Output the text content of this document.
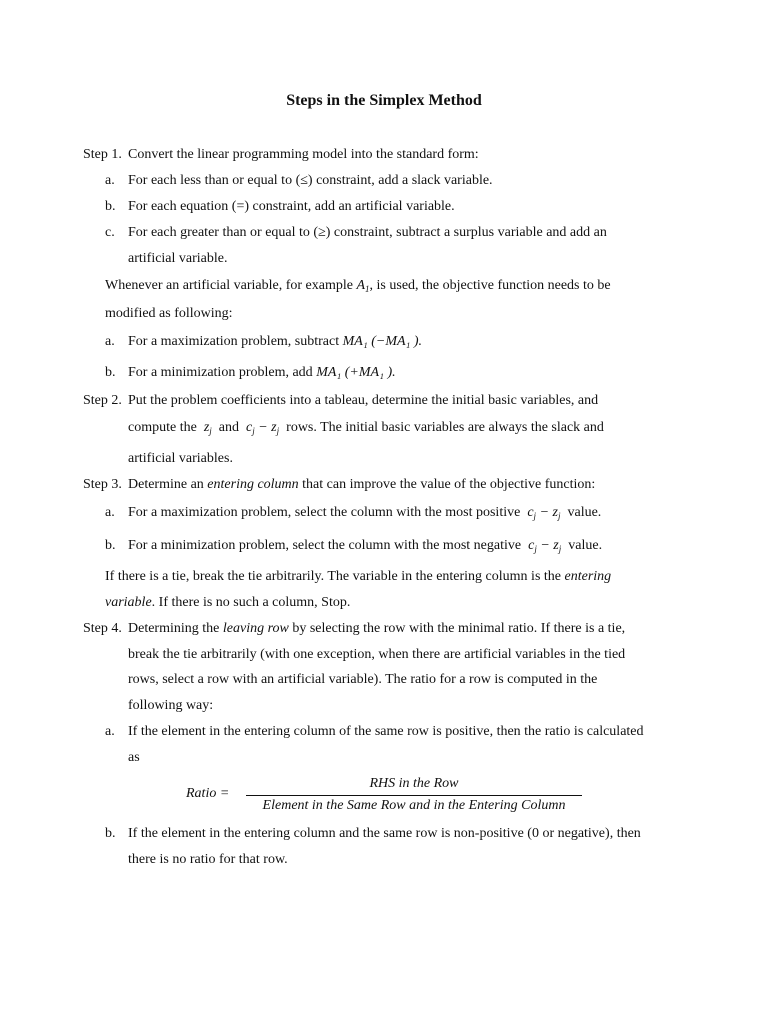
Steps in the Simplex Method
Step 1. Convert the linear programming model into the standard form:
a. For each less than or equal to (≤) constraint, add a slack variable.
b. For each equation (=) constraint, add an artificial variable.
c. For each greater than or equal to (≥) constraint, subtract a surplus variable and add an
artificial variable.
Whenever an artificial variable, for example $A_1$, is used, the objective function needs to be
modified as following:
a. For a maximization problem, subtract MA₁ (−MA₁ ).
b. For a minimization problem, add MA₁ (+MA₁ ).
Step 2. Put the problem coefficients into a tableau, determine the initial basic variables, and
compute the $z_j$ and $c_j - z_j$ rows. The initial basic variables are always the slack and
artificial variables.
Step 3. Determine an entering column that can improve the value of the objective function:
a. For a maximization problem, select the column with the most positive $c_j - z_j$ value.
b. For a minimization problem, select the column with the most negative $c_j - z_j$ value.
If there is a tie, break the tie arbitrarily. The variable in the entering column is the entering
variable. If there is no such a column, Stop.
Step 4. Determining the leaving row by selecting the row with the minimal ratio. If there is a tie,
break the tie arbitrarily (with one exception, when there are artificial variables in the tied
rows, select a row with an artificial variable). The ratio for a row is computed in the
following way:
a. If the element in the entering column of the same row is positive, then the ratio is calculated
as
Ratio =
RHS in the Row
Element in the Same Row and in the Entering Column
b. If the element in the entering column and the same row is non-positive (0 or negative), then
there is no ratio for that row.
